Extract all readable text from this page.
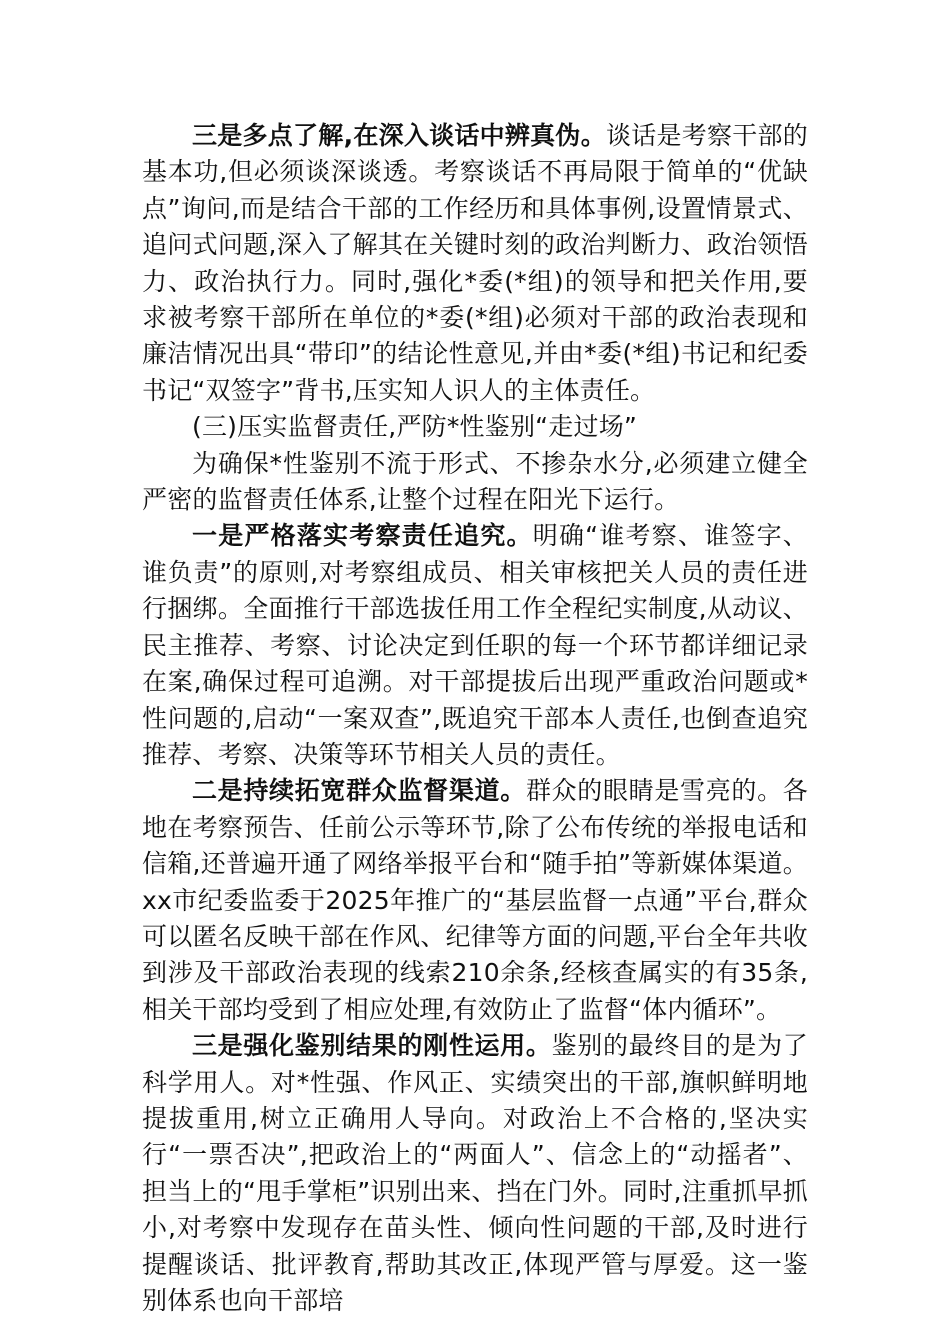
三是多点了解,在深入谈话中辨真伪。谈话是考察干部的基本功,但必须谈深谈透。考察谈话不再局限于简单的“优缺点”询问,而是结合干部的工作经历和具体事例,设置情景式、追问式问题,深入了解其在关键时刻的政治判断力、政治领悟力、政治执行力。同时,强化*委(*组)的领导和把关作用,要求被考察干部所在单位的*委(*组)必须对干部的政治表现和廉洁情况出具“带印”的结论性意见,并由*委(*组)书记和纪委书记“双签字”背书,压实知人识人的主体责任。

(三)压实监督责任,严防*性鉴别“走过场”

为确保*性鉴别不流于形式、不掺杂水分,必须建立健全严密的监督责任体系,让整个过程在阳光下运行。

一是严格落实考察责任追究。明确“谁考察、谁签字、谁负责”的原则,对考察组成员、相关审核把关人员的责任进行捆绑。全面推行干部选拔任用工作全程纪实制度,从动议、民主推荐、考察、讨论决定到任职的每一个环节都详细记录在案,确保过程可追溯。对干部提拔后出现严重政治问题或*性问题的,启动“一案双查”,既追究干部本人责任,也倒查追究推荐、考察、决策等环节相关人员的责任。

二是持续拓宽群众监督渠道。群众的眼睛是雪亮的。各地在考察预告、任前公示等环节,除了公布传统的举报电话和信箱,还普遍开通了网络举报平台和“随手拍”等新媒体渠道。xx市纪委监委于2025年推广的“基层监督一点通”平台,群众可以匿名反映干部在作风、纪律等方面的问题,平台全年共收到涉及干部政治表现的线索210余条,经核查属实的有35条,相关干部均受到了相应处理,有效防止了监督“体内循环”。

三是强化鉴别结果的刚性运用。鉴别的最终目的是为了科学用人。对*性强、作风正、实绩突出的干部,旗帜鲜明地提拔重用,树立正确用人导向。对政治上不合格的,坚决实行“一票否决”,把政治上的“两面人”、信念上的“动摇者”、担当上的“甩手掌柜”识别出来、挡在门外。同时,注重抓早抓小,对考察中发现存在苗头性、倾向性问题的干部,及时进行提醒谈话、批评教育,帮助其改正,体现严管与厚爱。这一鉴别体系也向干部培
